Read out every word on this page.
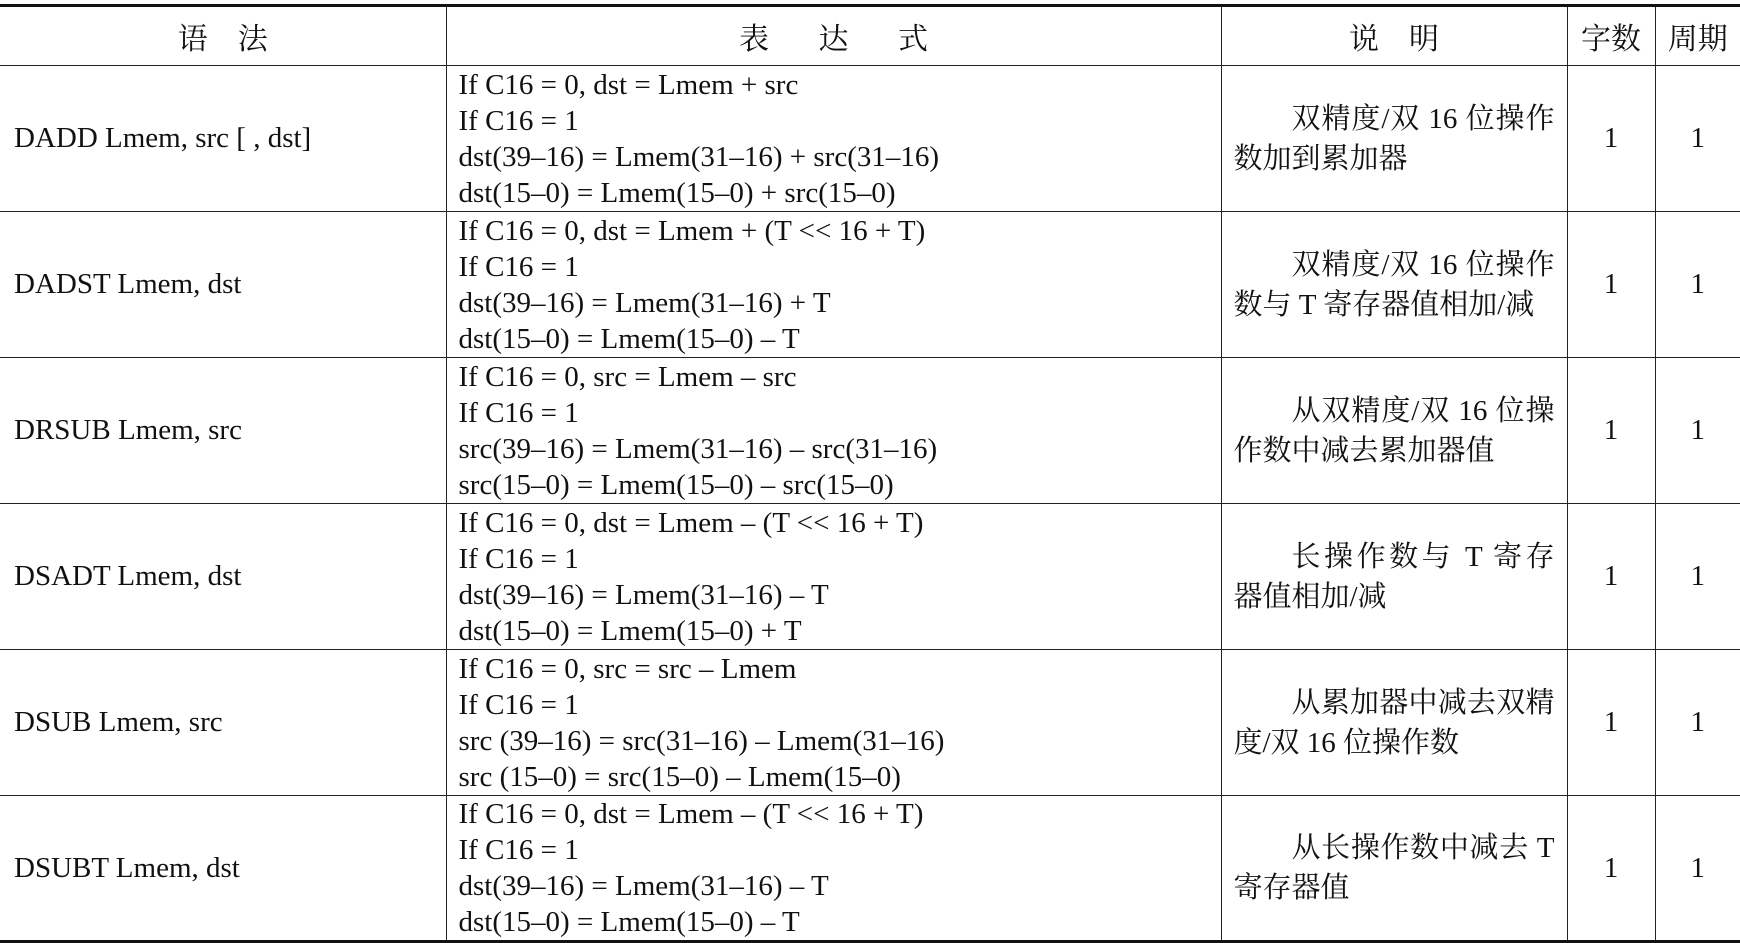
语　法	表 达 式	说　明	字数	周期
DADD Lmem, src [ , dst]	If C16 = 0, dst = Lmem + src
If C16 = 1
dst(39–16) = Lmem(31–16) + src(31–16)
dst(15–0) = Lmem(15–0) + src(15–0)	双精度/双 16 位操作数加到累加器	1	1
DADST Lmem, dst	If C16 = 0, dst = Lmem + (T << 16 + T)
If C16 = 1
dst(39–16) = Lmem(31–16) + T
dst(15–0) = Lmem(15–0) – T	双精度/双 16 位操作数与 T 寄存器值相加/减	1	1
DRSUB Lmem, src	If C16 = 0, src = Lmem – src
If C16 = 1
src(39–16) = Lmem(31–16) – src(31–16)
src(15–0) = Lmem(15–0) – src(15–0)	从双精度/双 16 位操作数中减去累加器值	1	1
DSADT Lmem, dst	If C16 = 0, dst = Lmem – (T << 16 + T)
If C16 = 1
dst(39–16) = Lmem(31–16) – T
dst(15–0) = Lmem(15–0) + T	长操作数与 T 寄存器值相加/减	1	1
DSUB Lmem, src	If C16 = 0, src = src – Lmem
If C16 = 1
src (39–16) = src(31–16) – Lmem(31–16)
src (15–0) = src(15–0) – Lmem(15–0)	从累加器中减去双精度/双 16 位操作数	1	1
DSUBT Lmem, dst	If C16 = 0, dst = Lmem – (T << 16 + T)
If C16 = 1
dst(39–16) = Lmem(31–16) – T
dst(15–0) = Lmem(15–0) – T	从长操作数中减去 T 寄存器值	1	1
